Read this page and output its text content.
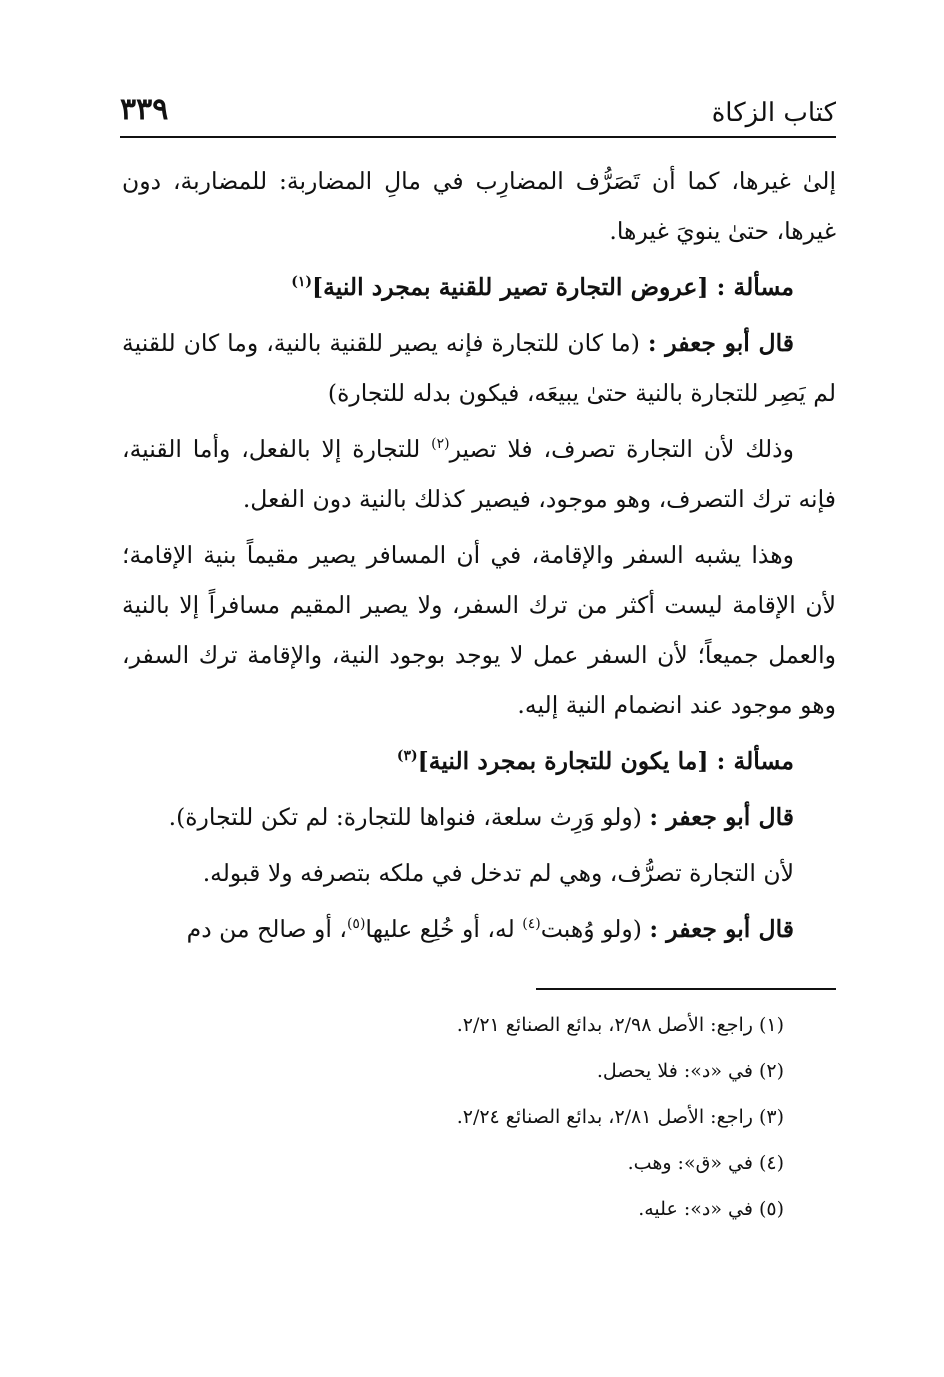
كتاب الزكاة
٣٣٩

إلىٰ غيرها، كما أن تَصَرُّف المضارِب في مالِ المضاربة: للمضاربة، دون غيرها، حتىٰ ينويَ غيرها.

مسألة : [عروض التجارة تصير للقنية بمجرد النية]$^{(١)}$

قال أبو جعفر : (ما كان للتجارة فإنه يصير للقنية بالنية، وما كان للقنية لم يَصِر للتجارة بالنية حتىٰ يبيعَه، فيكون بدله للتجارة)

وذلك لأن التجارة تصرف، فلا تصير$^{(٢)}$ للتجارة إلا بالفعل، وأما القنية، فإنه ترك التصرف، وهو موجود، فيصير كذلك بالنية دون الفعل.

وهذا يشبه السفر والإقامة، في أن المسافر يصير مقيماً بنية الإقامة؛ لأن الإقامة ليست أكثر من ترك السفر، ولا يصير المقيم مسافراً إلا بالنية والعمل جميعاً؛ لأن السفر عمل لا يوجد بوجود النية، والإقامة ترك السفر، وهو موجود عند انضمام النية إليه.

مسألة : [ما يكون للتجارة بمجرد النية]$^{(٣)}$

قال أبو جعفر : (ولو وَرِث سلعة، فنواها للتجارة: لم تكن للتجارة).

لأن التجارة تصرُّف، وهي لم تدخل في ملكه بتصرفه ولا قبوله.

قال أبو جعفر : (ولو وُهبت$^{(٤)}$ له، أو خُلِع عليها$^{(٥)}$، أو صالح من دم

(١) راجع: الأصل ٢/٩٨، بدائع الصنائع ٢/٢١.
(٢) في «د»: فلا يحصل.
(٣) راجع: الأصل ٢/٨١، بدائع الصنائع ٢/٢٤.
(٤) في «ق»: وهب.
(٥) في «د»: عليه.
